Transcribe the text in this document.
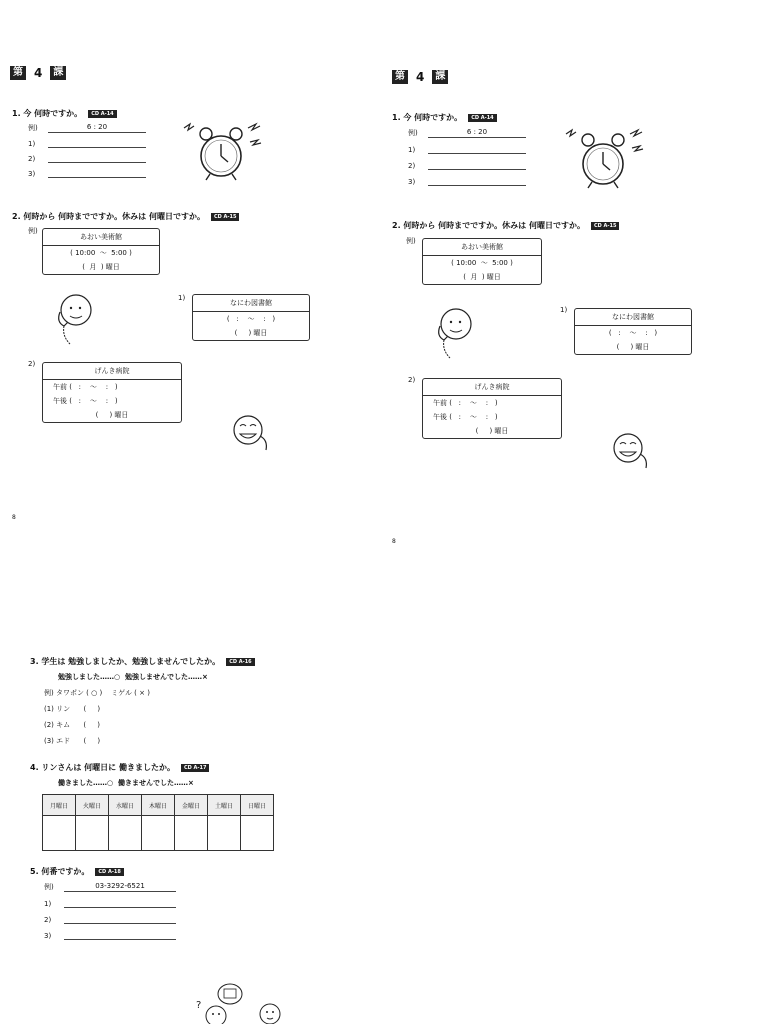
第 4	課
1. 今 何時ですか。 CD A-14
例)	6 : 20
1)
2)
3)
2. 何時から 何時までですか。休みは 何曜日ですか。 CD A-15
例)
あおい美術館
( 10:00  〜  5:00 )
(  月  ) 曜日
1)
なにわ図書館
(   :    〜    :   )
(     ) 曜日
2)
げんき病院
午前 (   :    〜    :   )
午後 (   :    〜    :   )
(     ) 曜日
8
第 4	課
1. 今 何時ですか。 CD A-14
例)	6 : 20
1)
2)
3)
2. 何時から 何時までですか。休みは 何曜日ですか。 CD A-15
例)
あおい美術館
( 10:00  〜  5:00 )
(  月  ) 曜日
1)
なにわ図書館
(   :    〜    :   )
(     ) 曜日
2)
げんき病院
午前 (   :    〜    :   )
午後 (   :    〜    :   )
(     ) 曜日
8
3. 学生は 勉強しましたか、勉強しませんでしたか。 CD A-16
勉強しました……○  勉強しませんでした……×
例) タワポン ( ○ )    ミゲル ( × )
(1) リン      (     )
(2) キム      (     )
(3) エド      (     )
4. リンさんは 何曜日に 働きましたか。 CD A-17
働きました……○  働きませんでした……×
月曜日	火曜日	水曜日	木曜日	金曜日	土曜日	日曜日

5. 何番ですか。 CD A-18
例)	03-3292-6521
1)
2)
3)
?
